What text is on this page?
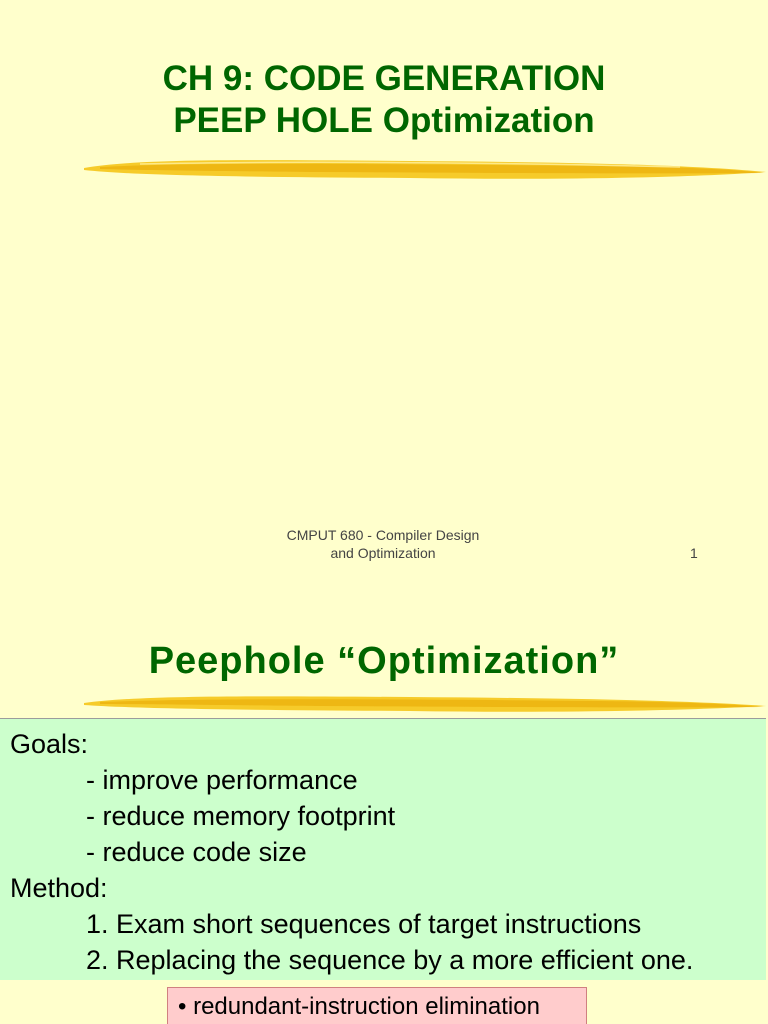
CH 9: CODE GENERATION
PEEP HOLE Optimization
CMPUT 680 - Compiler Design
and Optimization	1
Peephole “Optimization”
Goals:
- improve performance
- reduce memory footprint
- reduce code size
Method:
1. Exam short sequences of target instructions
2. Replacing the sequence by a more efficient one.
• redundant-instruction elimination
